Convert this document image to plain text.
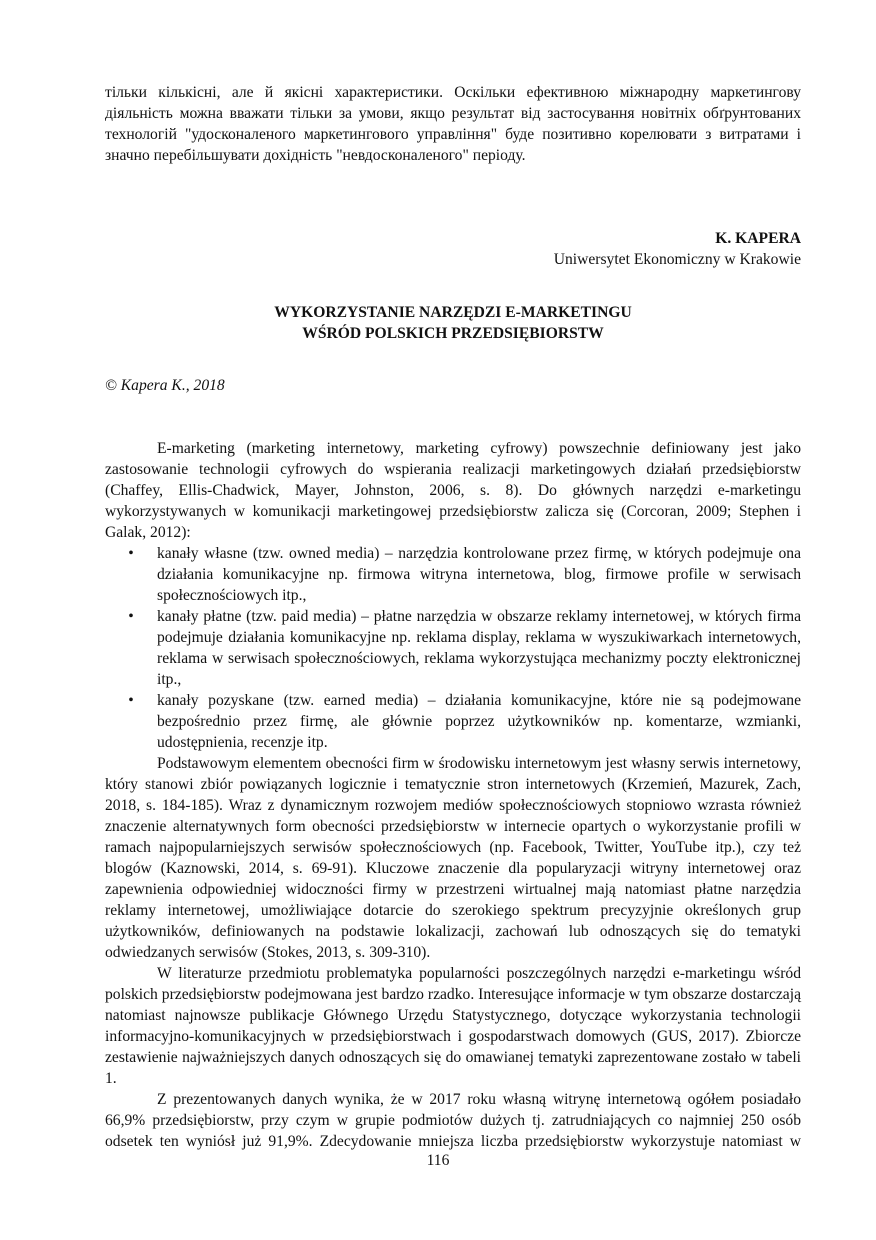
тільки кількісні, але й якісні характеристики. Оскільки ефективною міжнародну маркетингову діяльність можна вважати тільки за умови, якщо результат від застосування новітніх обґрунтованих технологій "удосконаленого маркетингового управління" буде позитивно корелювати з витратами і значно перебільшувати дохідність "невдосконаленого" періоду.

K. KAPERA
Uniwersytet Ekonomiczny w Krakowie
WYKORZYSTANIE NARZĘDZI E-MARKETINGU
WŚRÓD POLSKICH PRZEDSIĘBIORSTW
© Kapera K., 2018

E-marketing (marketing internetowy, marketing cyfrowy) powszechnie definiowany jest jako zastosowanie technologii cyfrowych do wspierania realizacji marketingowych działań przedsiębiorstw (Chaffey, Ellis-Chadwick, Mayer, Johnston, 2006, s. 8). Do głównych narzędzi e-marketingu wykorzystywanych w komunikacji marketingowej przedsiębiorstw zalicza się (Corcoran, 2009; Stephen i Galak, 2012):

•	kanały własne (tzw. owned media) – narzędzia kontrolowane przez firmę, w których podejmuje ona działania komunikacyjne np. firmowa witryna internetowa, blog, firmowe profile w serwisach społecznościowych itp.,
•	kanały płatne (tzw. paid media) – płatne narzędzia w obszarze reklamy internetowej, w których firma podejmuje działania komunikacyjne np. reklama display, reklama w wyszukiwarkach internetowych, reklama w serwisach społecznościowych, reklama wykorzystująca mechanizmy poczty elektronicznej itp.,
•	kanały pozyskane (tzw. earned media) – działania komunikacyjne, które nie są podejmowane bezpośrednio przez firmę, ale głównie poprzez użytkowników np. komentarze, wzmianki, udostępnienia, recenzje itp.

Podstawowym elementem obecności firm w środowisku internetowym jest własny serwis internetowy, który stanowi zbiór powiązanych logicznie i tematycznie stron internetowych (Krzemień, Mazurek, Zach, 2018, s. 184-185). Wraz z dynamicznym rozwojem mediów społecznościowych stopniowo wzrasta również znaczenie alternatywnych form obecności przedsiębiorstw w internecie opartych o wykorzystanie profili w ramach najpopularniejszych serwisów społecznościowych (np. Facebook, Twitter, YouTube itp.), czy też blogów (Kaznowski, 2014, s. 69-91). Kluczowe znaczenie dla popularyzacji witryny internetowej oraz zapewnienia odpowiedniej widoczności firmy w przestrzeni wirtualnej mają natomiast płatne narzędzia reklamy internetowej, umożliwiające dotarcie do szerokiego spektrum precyzyjnie określonych grup użytkowników, definiowanych na podstawie lokalizacji, zachowań lub odnoszących się do tematyki odwiedzanych serwisów (Stokes, 2013, s. 309-310).

W literaturze przedmiotu problematyka popularności poszczególnych narzędzi e-marketingu wśród polskich przedsiębiorstw podejmowana jest bardzo rzadko. Interesujące informacje w tym obszarze dostarczają natomiast najnowsze publikacje Głównego Urzędu Statystycznego, dotyczące wykorzystania technologii informacyjno-komunikacyjnych w przedsiębiorstwach i gospodarstwach domowych (GUS, 2017). Zbiorcze zestawienie najważniejszych danych odnoszących się do omawianej tematyki zaprezentowane zostało w tabeli 1.

Z prezentowanych danych wynika, że w 2017 roku własną witrynę internetową ogółem posiadało 66,9% przedsiębiorstw, przy czym w grupie podmiotów dużych tj. zatrudniających co najmniej 250 osób odsetek ten wyniósł już 91,9%. Zdecydowanie mniejsza liczba przedsiębiorstw wykorzystuje natomiast w

116
